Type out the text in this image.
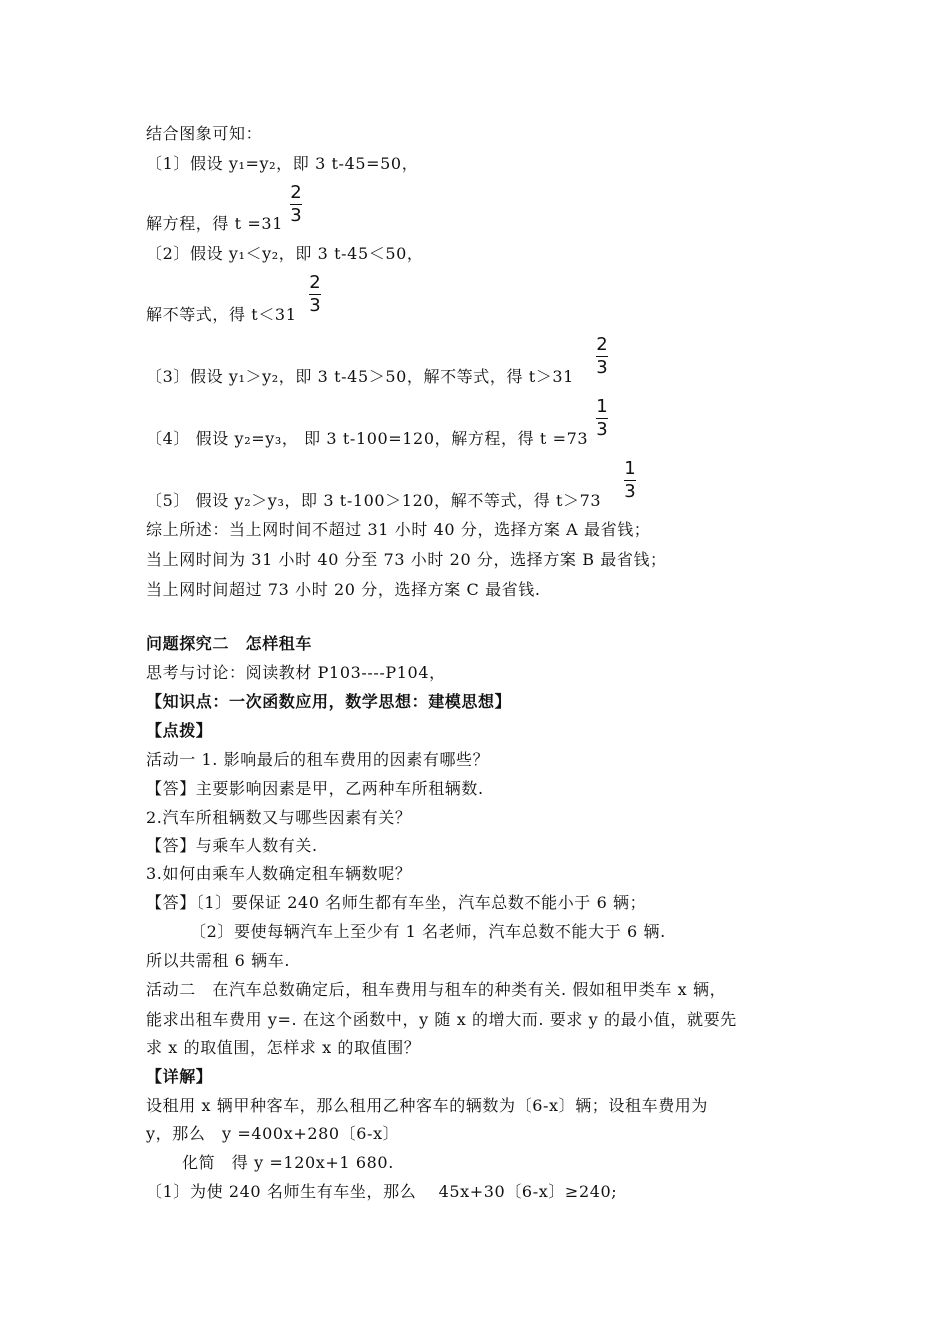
结合图象可知：
〔1〕假设 y₁=y₂，即 3 t-45=50，
2
3
解方程，得 t =31
〔2〕假设 y₁＜y₂，即 3 t-45＜50，
2
3
解不等式，得 t＜31
2
3
〔3〕假设 y₁＞y₂，即 3 t-45＞50，解不等式，得 t＞31
1
3
〔4〕 假设 y₂=y₃， 即 3 t-100=120，解方程，得 t =73
1
3
〔5〕 假设 y₂＞y₃，即 3 t-100＞120，解不等式，得 t＞73
综上所述：当上网时间不超过 31 小时 40 分，选择方案 A 最省钱；
当上网时间为 31 小时 40 分至 73 小时 20 分，选择方案 B 最省钱；
当上网时间超过 73 小时 20 分，选择方案 C 最省钱.
问题探究二　怎样租车
思考与讨论：阅读教材 P103----P104，
【知识点：一次函数应用，数学思想：建模思想】
【点拨】
活动一 1. 影响最后的租车费用的因素有哪些？
【答】主要影响因素是甲，乙两种车所租辆数.
2.汽车所租辆数又与哪些因素有关？
【答】与乘车人数有关.
3.如何由乘车人数确定租车辆数呢？
【答】〔1〕要保证 240 名师生都有车坐，汽车总数不能小于 6 辆；
〔2〕要使每辆汽车上至少有 1 名老师，汽车总数不能大于 6 辆.
所以共需租 6 辆车.
活动二　在汽车总数确定后，租车费用与租车的种类有关. 假如租甲类车 x 辆，
能求出租车费用 y=. 在这个函数中，y 随 x 的增大而. 要求 y 的最小值，就要先
求 x 的取值围，怎样求 x 的取值围？
【详解】
设租用 x 辆甲种客车，那么租用乙种客车的辆数为〔6-x〕辆；设租车费用为
y，那么　y =400x+280〔6-x〕
化简　得 y =120x+1 680.
〔1〕为使 240 名师生有车坐，那么　 45x+30〔6-x〕≥240;
